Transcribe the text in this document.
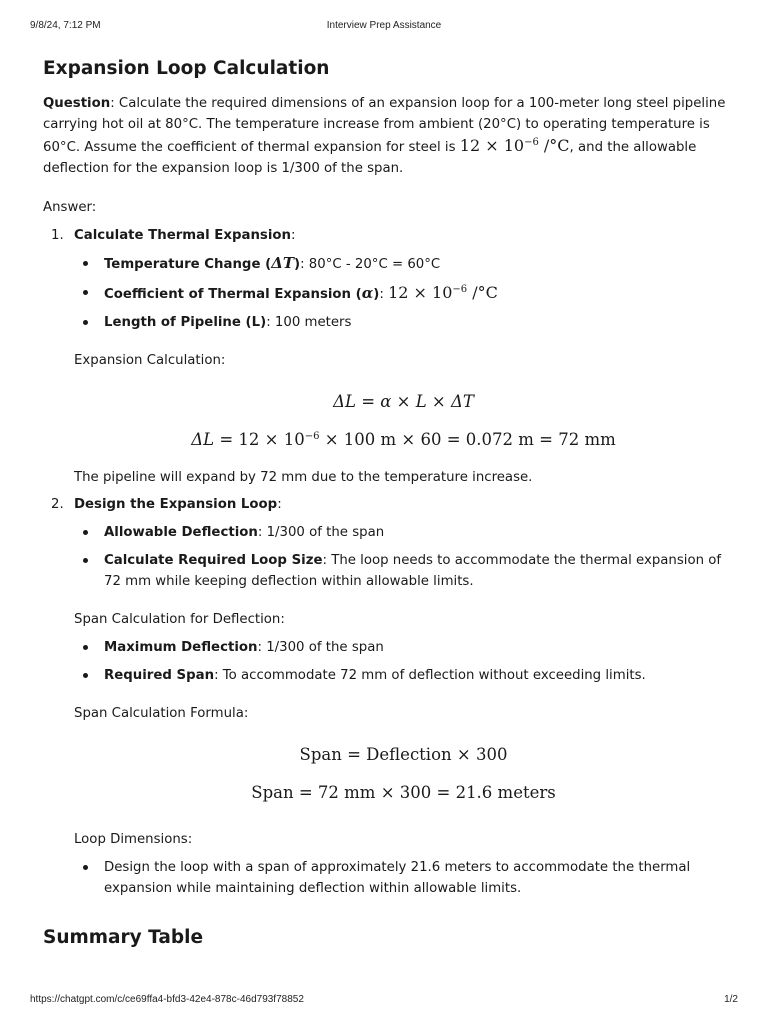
9/8/24, 7:12 PM	Interview Prep Assistance
Expansion Loop Calculation

Question: Calculate the required dimensions of an expansion loop for a 100-meter long steel pipeline carrying hot oil at 80°C. The temperature increase from ambient (20°C) to operating temperature is 60°C. Assume the coefficient of thermal expansion for steel is $12 \times 10^{-6}$ /°C, and the allowable deflection for the expansion loop is 1/300 of the span.

Answer:

1. Calculate Thermal Expansion:

Temperature Change (ΔT): 80°C - 20°C = 60°C
Coefficient of Thermal Expansion (α): $12 \times 10^{-6}$ /°C
Length of Pipeline (L): 100 meters

Expansion Calculation:

ΔL = α × L × ΔT
$\Delta L = 12 \times 10^{-6} \times 100$ m × 60 = 0.072 m = 72 mm

The pipeline will expand by 72 mm due to the temperature increase.

2. Design the Expansion Loop:

Allowable Deflection: 1/300 of the span
Calculate Required Loop Size: The loop needs to accommodate the thermal expansion of 72 mm while keeping deflection within allowable limits.

Span Calculation for Deflection:

Maximum Deflection: 1/300 of the span
Required Span: To accommodate 72 mm of deflection without exceeding limits.

Span Calculation Formula:

Span = Deflection × 300
Span = 72 mm × 300 = 21.6 meters

Loop Dimensions:

Design the loop with a span of approximately 21.6 meters to accommodate the thermal expansion while maintaining deflection within allowable limits.
Summary Table
https://chatgpt.com/c/ce69ffa4-bfd3-42e4-878c-46d793f78852	1/2
